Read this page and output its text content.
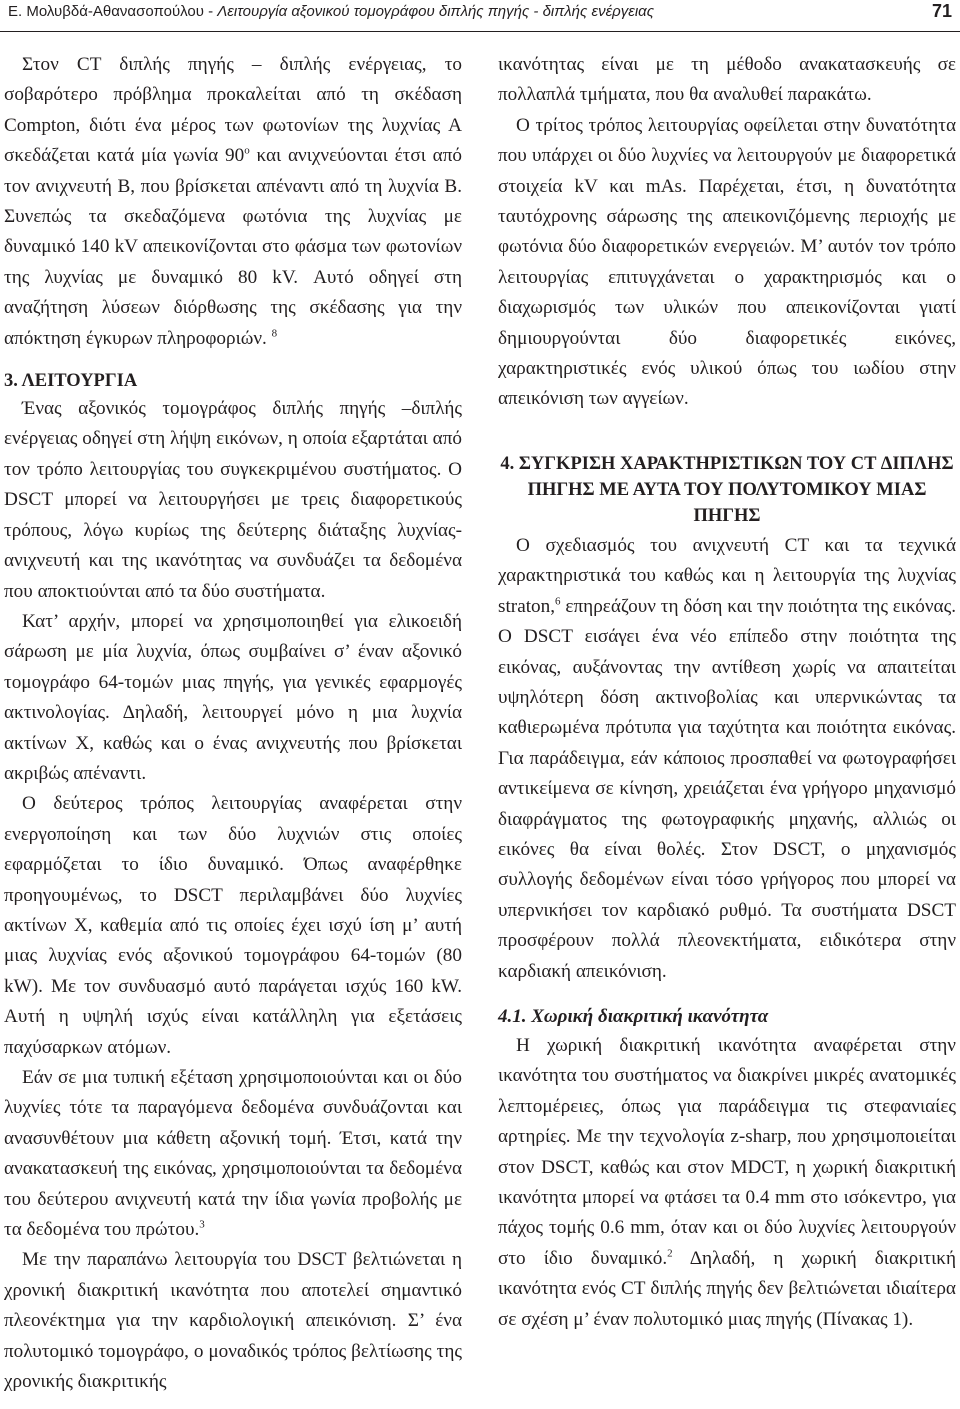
Ε. Μολυβδά-Αθανασοπούλου - Λειτουργία αξονικού τομογράφου διπλής πηγής - διπλής ενέργειας	71

Στον CT διπλής πηγής – διπλής ενέργειας, το σοβαρότερο πρόβλημα προκαλείται από τη σκέδαση Compton, διότι ένα μέρος των φωτονίων της λυχνίας Α σκεδάζεται κατά μία γωνία $90^o$ και ανιχνεύονται έτσι από τον ανιχνευτή Β, που βρίσκεται απέναντι από τη λυχνία Β. Συνεπώς τα σκεδαζόμενα φωτόνια της λυχνίας με δυναμικό 140 kV απεικονίζονται στο φάσμα των φωτονίων της λυχνίας με δυναμικό 80 kV. Αυτό οδηγεί στη αναζήτηση λύσεων διόρθωσης της σκέδασης για την απόκτηση έγκυρων πληροφοριών. $^8$

3. ΛΕΙΤΟΥΡΓΙΑ

Ένας αξονικός τομογράφος διπλής πηγής –διπλής ενέργειας οδηγεί στη λήψη εικόνων, η οποία εξαρτάται από τον τρόπο λειτουργίας του συγκεκριμένου συστήματος. Ο DSCT μπορεί να λειτουργήσει με τρεις διαφορετικούς τρόπους, λόγω κυρίως της δεύτερης διάταξης λυχνίας- ανιχνευτή και της ικανότητας να συνδυάζει τα δεδομένα που αποκτιούνται από τα δύο συστήματα.

Κατ’ αρχήν, μπορεί να χρησιμοποιηθεί για ελικοειδή σάρωση με μία λυχνία, όπως συμβαίνει σ’ έναν αξονικό τομογράφο 64-τομών μιας πηγής, για γενικές εφαρμογές ακτινολογίας. Δηλαδή, λειτουργεί μόνο η μια λυχνία ακτίνων Χ, καθώς και ο ένας ανιχνευτής που βρίσκεται ακριβώς απέναντι.

Ο δεύτερος τρόπος λειτουργίας αναφέρεται στην ενεργοποίηση και των δύο λυχνιών στις οποίες εφαρμόζεται το ίδιο δυναμικό. Όπως αναφέρθηκε προηγουμένως, το DSCT περιλαμβάνει δύο λυχνίες ακτίνων Χ, καθεμία από τις οποίες έχει ισχύ ίση μ’ αυτή μιας λυχνίας ενός αξονικού τομογράφου 64-τομών (80 kW). Με τον συνδυασμό αυτό παράγεται ισχύς 160 kW. Αυτή η υψηλή ισχύς είναι κατάλληλη για εξετάσεις παχύσαρκων ατόμων.

Εάν σε μια τυπική εξέταση χρησιμοποιούνται και οι δύο λυχνίες τότε τα παραγόμενα δεδομένα συνδυάζονται και ανασυνθέτουν μια κάθετη αξονική τομή. Έτσι, κατά την ανακατασκευή της εικόνας, χρησιμοποιούνται τα δεδομένα του δεύτερου ανιχνευτή κατά την ίδια γωνία προβολής με τα δεδομένα του πρώτου.$^3$

Με την παραπάνω λειτουργία του DSCT βελτιώνεται η χρονική διακριτική ικανότητα που αποτελεί σημαντικό πλεονέκτημα για την καρδιολογική απεικόνιση. Σ’ ένα πολυτομικό τομογράφο, ο μοναδικός τρόπος βελτίωσης της χρονικής διακριτικής

ικανότητας είναι με τη μέθοδο ανακατασκευής σε πολλαπλά τμήματα, που θα αναλυθεί παρακάτω.

Ο τρίτος τρόπος λειτουργίας οφείλεται στην δυνατότητα που υπάρχει οι δύο λυχνίες να λειτουργούν με διαφορετικά στοιχεία kV και mAs. Παρέχεται, έτσι, η δυνατότητα ταυτόχρονης σάρωσης της απεικονιζόμενης περιοχής με φωτόνια δύο διαφορετικών ενεργειών. Μ’ αυτόν τον τρόπο λειτουργίας επιτυγχάνεται ο χαρακτηρισμός και ο διαχωρισμός των υλικών που απεικονίζονται γιατί δημιουργούνται δύο διαφορετικές εικόνες, χαρακτηριστικές ενός υλικού όπως του ιωδίου στην απεικόνιση των αγγείων.

4. ΣΥΓΚΡΙΣΗ ΧΑΡΑΚΤΗΡΙΣΤΙΚΩΝ ΤΟΥ CT ΔΙΠΛΗΣ ΠΗΓΗΣ ΜΕ ΑΥΤΑ ΤΟΥ ΠΟΛΥΤΟΜΙΚΟΥ ΜΙΑΣ ΠΗΓΗΣ

Ο σχεδιασμός του ανιχνευτή CT και τα τεχνικά χαρακτηριστικά του καθώς και η λειτουργία της λυχνίας straton,$^6$ επηρεάζουν τη δόση και την ποιότητα της εικόνας. Ο DSCT εισάγει ένα νέο επίπεδο στην ποιότητα της εικόνας, αυξάνοντας την αντίθεση χωρίς να απαιτείται υψηλότερη δόση ακτινοβολίας και υπερνικώντας τα καθιερωμένα πρότυπα για ταχύτητα και ποιότητα εικόνας. Για παράδειγμα, εάν κάποιος προσπαθεί να φωτογραφήσει αντικείμενα σε κίνηση, χρειάζεται ένα γρήγορο μηχανισμό διαφράγματος της φωτογραφικής μηχανής, αλλιώς οι εικόνες θα είναι θολές. Στον DSCT, ο μηχανισμός συλλογής δεδομένων είναι τόσο γρήγορος που μπορεί να υπερνικήσει τον καρδιακό ρυθμό. Τα συστήματα DSCT προσφέρουν πολλά πλεονεκτήματα, ειδικότερα στην καρδιακή απεικόνιση.

4.1. Χωρική διακριτική ικανότητα

Η χωρική διακριτική ικανότητα αναφέρεται στην ικανότητα του συστήματος να διακρίνει μικρές ανατομικές λεπτομέρειες, όπως για παράδειγμα τις στεφανιαίες αρτηρίες. Με την τεχνολογία z-sharp, που χρησιμοποιείται στον DSCT, καθώς και στον MDCT, η χωρική διακριτική ικανότητα μπορεί να φτάσει τα 0.4 mm στο ισόκεντρο, για πάχος τομής 0.6 mm, όταν και οι δύο λυχνίες λειτουργούν στο ίδιο δυναμικό.$^2$ Δηλαδή, η χωρική διακριτική ικανότητα ενός CT διπλής πηγής δεν βελτιώνεται ιδιαίτερα σε σχέση μ’ έναν πολυτομικό μιας πηγής (Πίνακας 1).
